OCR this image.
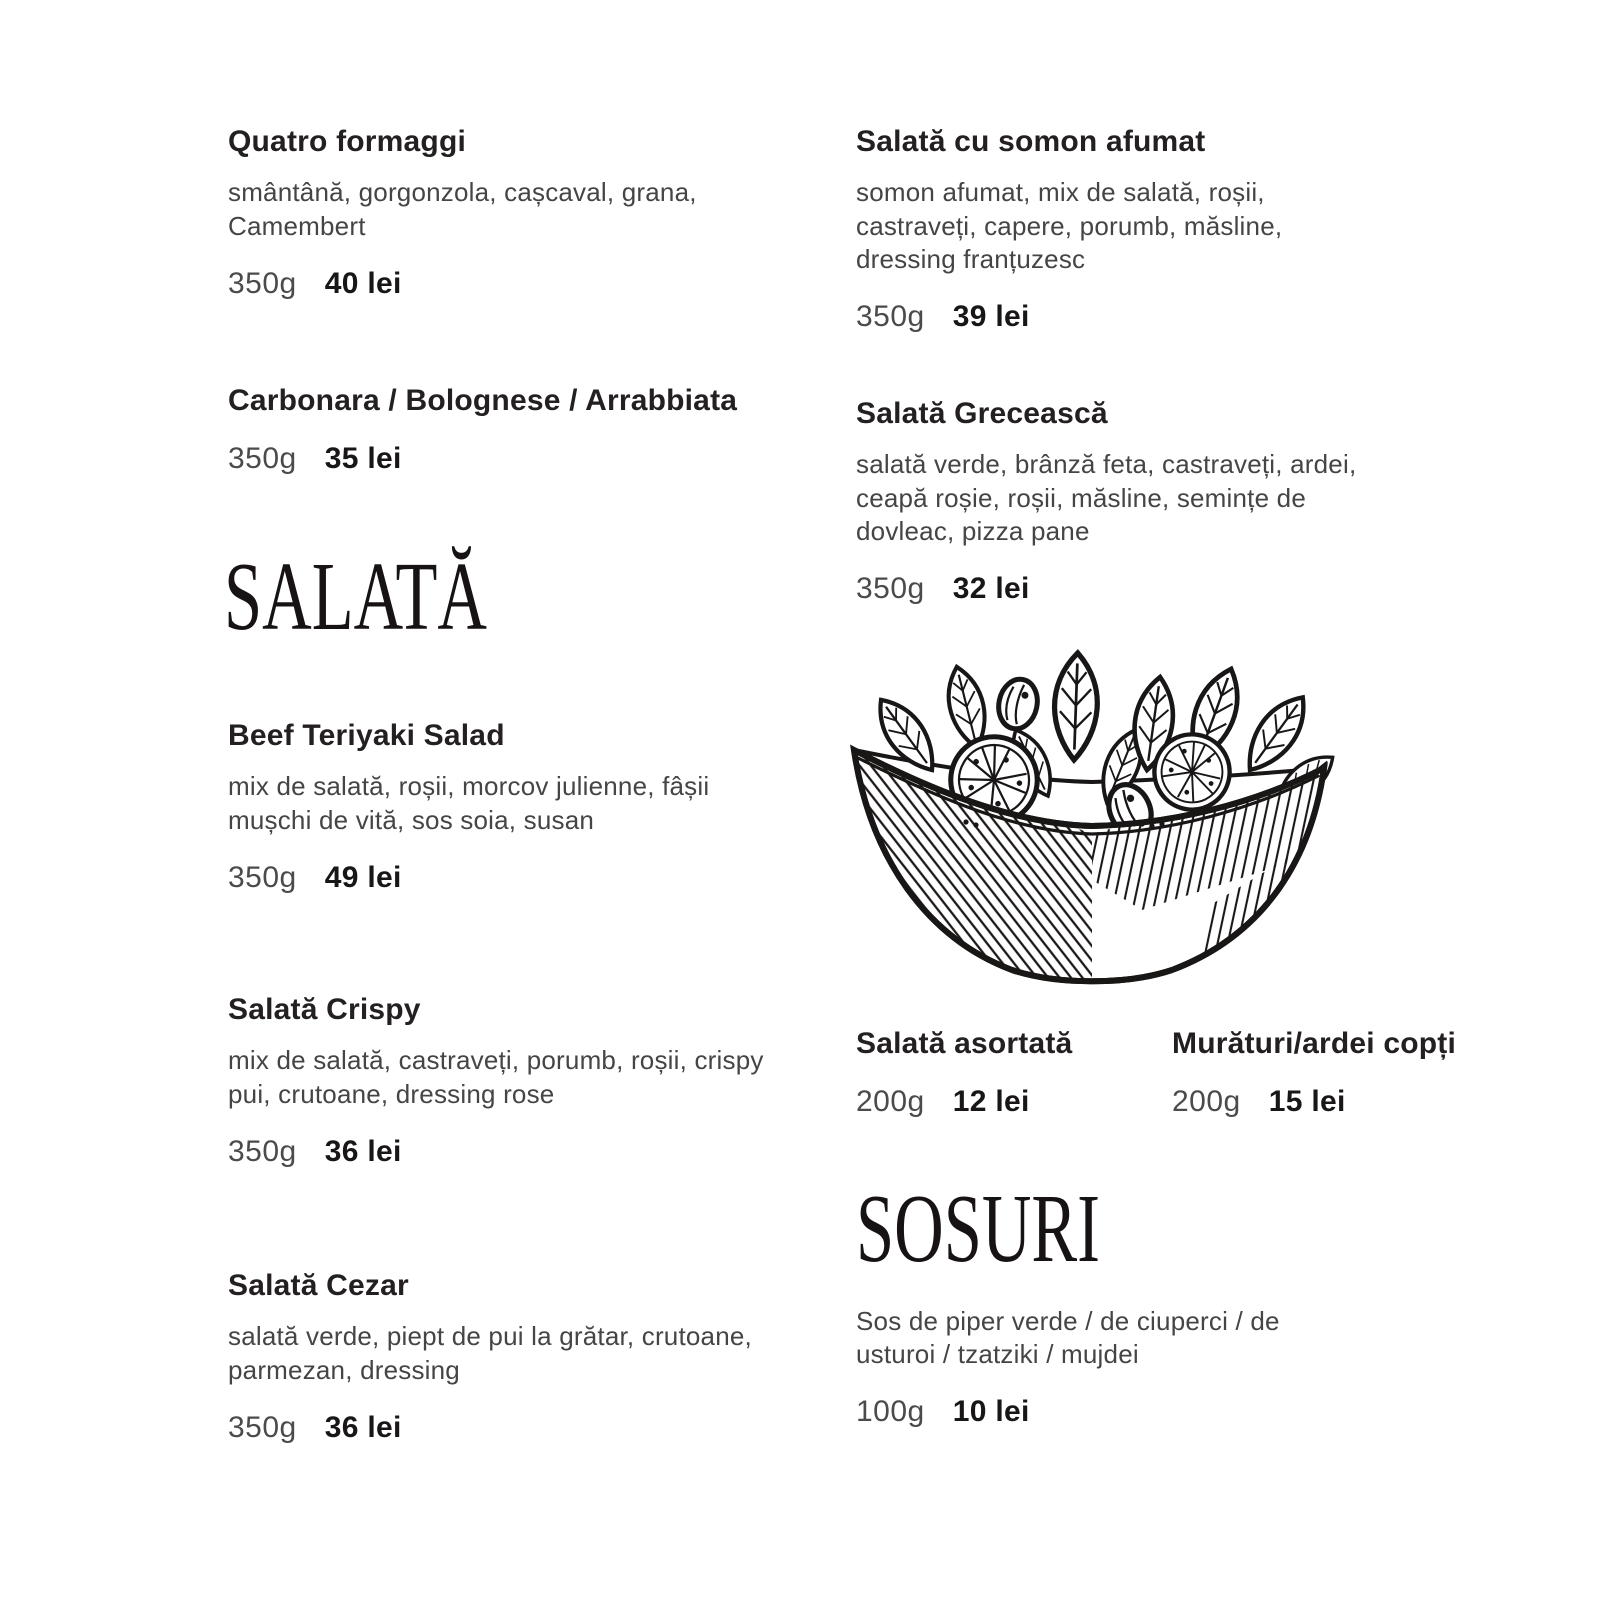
Quatro formaggi

smântână, gorgonzola, cașcaval, grana, Camembert

350g 40 lei

Carbonara / Bolognese / Arrabbiata

350g 35 lei

SALATĂ
Beef Teriyaki Salad

mix de salată, roșii, morcov julienne, fâșii mușchi de vită, sos soia, susan

350g 49 lei

Salată Crispy

mix de salată, castraveți, porumb, roșii, crispy pui, crutoane, dressing rose

350g 36 lei

Salată Cezar

salată verde, piept de pui la grătar, crutoane, parmezan, dressing

350g 36 lei

Salată cu somon afumat

somon afumat, mix de salată, roșii, castraveți, capere, porumb, măsline, dressing franțuzesc

350g 39 lei

Salată Grecească

salată verde, brânză feta, castraveți, ardei, ceapă roșie, roșii, măsline, semințe de dovleac, pizza pane

350g 32 lei

Salată asortată

200g 12 lei

Murături/ardei copți

200g 15 lei

SOSURI

Sos de piper verde / de ciuperci / de usturoi / tzatziki / mujdei

100g 10 lei
